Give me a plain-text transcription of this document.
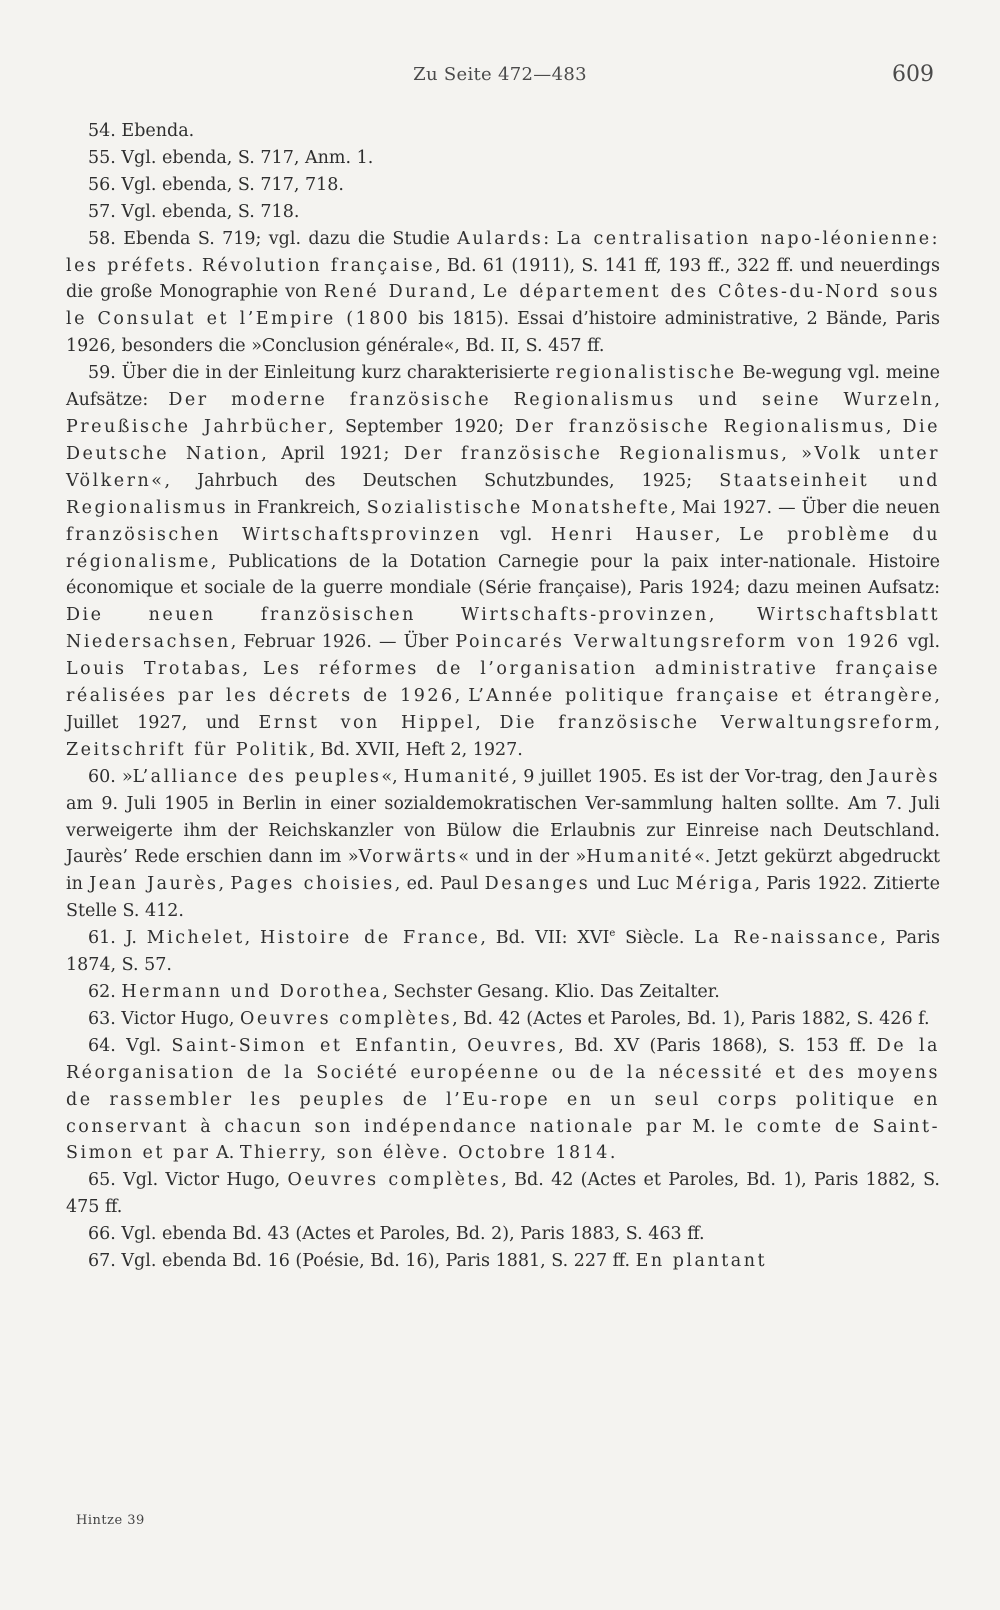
Zu Seite 472—483	609

54. Ebenda.

55. Vgl. ebenda, S. 717, Anm. 1.

56. Vgl. ebenda, S. 717, 718.

57. Vgl. ebenda, S. 718.

58. Ebenda S. 719; vgl. dazu die Studie Aulards: La centralisation napo-léonienne: les préfets. Révolution française, Bd. 61 (1911), S. 141 ff, 193 ff., 322 ff. und neuerdings die große Monographie von René Durand, Le département des Côtes-du-Nord sous le Consulat et l’Empire (1800 bis 1815). Essai d’histoire administrative, 2 Bände, Paris 1926, besonders die »Conclusion générale«, Bd. II, S. 457 ff.

59. Über die in der Einleitung kurz charakterisierte regionalistische Be-wegung vgl. meine Aufsätze: Der moderne französische Regionalismus und seine Wurzeln, Preußische Jahrbücher, September 1920; Der französische Regionalismus, Die Deutsche Nation, April 1921; Der französische Regionalismus, »Volk unter Völkern«, Jahrbuch des Deutschen Schutzbundes, 1925; Staatseinheit und Regionalismus in Frankreich, Sozialistische Monatshefte, Mai 1927. — Über die neuen französischen Wirtschaftsprovinzen vgl. Henri Hauser, Le problème du régionalisme, Publications de la Dotation Carnegie pour la paix inter-nationale. Histoire économique et sociale de la guerre mondiale (Série française), Paris 1924; dazu meinen Aufsatz: Die neuen französischen Wirtschafts-provinzen, Wirtschaftsblatt Niedersachsen, Februar 1926. — Über Poincarés Verwaltungsreform von 1926 vgl. Louis Trotabas, Les réformes de l’organisation administrative française réalisées par les décrets de 1926, L’Année politique française et étrangère, Juillet 1927, und Ernst von Hippel, Die französische Verwaltungsreform, Zeitschrift für Politik, Bd. XVII, Heft 2, 1927.

60. »L’alliance des peuples«, Humanité, 9 juillet 1905. Es ist der Vor-trag, den Jaurès am 9. Juli 1905 in Berlin in einer sozialdemokratischen Ver-sammlung halten sollte. Am 7. Juli verweigerte ihm der Reichskanzler von Bülow die Erlaubnis zur Einreise nach Deutschland. Jaurès’ Rede erschien dann im »Vorwärts« und in der »Humanité«. Jetzt gekürzt abgedruckt in Jean Jaurès, Pages choisies, ed. Paul Desanges und Luc Mériga, Paris 1922. Zitierte Stelle S. 412.

61. J. Michelet, Histoire de France, Bd. VII: XVIe Siècle. La Re-naissance, Paris 1874, S. 57.

62. Hermann und Dorothea, Sechster Gesang. Klio. Das Zeitalter.

63. Victor Hugo, Oeuvres complètes, Bd. 42 (Actes et Paroles, Bd. 1), Paris 1882, S. 426 f.

64. Vgl. Saint-Simon et Enfantin, Oeuvres, Bd. XV (Paris 1868), S. 153 ff. De la Réorganisation de la Société européenne ou de la nécessité et des moyens de rassembler les peuples de l’Eu-rope en un seul corps politique en conservant à chacun son indépendance nationale par M. le comte de Saint-Simon et par A. Thierry, son élève. Octobre 1814.

65. Vgl. Victor Hugo, Oeuvres complètes, Bd. 42 (Actes et Paroles, Bd. 1), Paris 1882, S. 475 ff.

66. Vgl. ebenda Bd. 43 (Actes et Paroles, Bd. 2), Paris 1883, S. 463 ff.

67. Vgl. ebenda Bd. 16 (Poésie, Bd. 16), Paris 1881, S. 227 ff. En plantant

Hintze 39
